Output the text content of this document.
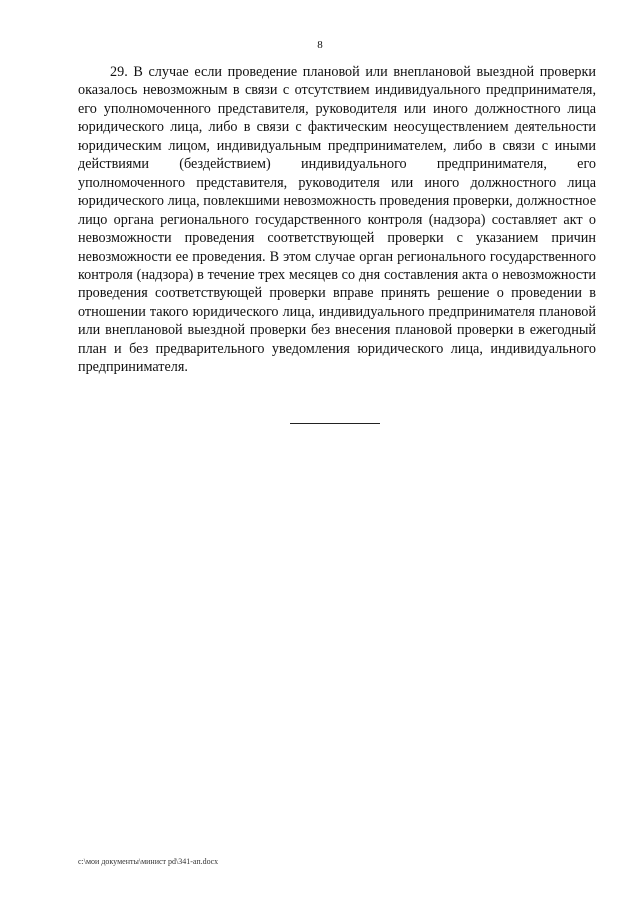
8

29. В случае если проведение плановой или внеплановой выездной проверки оказалось невозможным в связи с отсутствием индивидуального предпринимателя, его уполномоченного представителя, руководителя или иного должностного лица юридического лица, либо в связи с фактическим неосуществлением деятельности юридическим лицом, индивидуальным предпринимателем, либо в связи с иными действиями (бездействием) индивидуального предпринимателя, его уполномоченного представителя, руководителя или иного должностного лица юридического лица, повлекшими невозможность проведения проверки, должностное лицо органа регионального государственного контроля (надзора) составляет акт о невозможности проведения соответствующей проверки с указанием причин невозможности ее проведения. В этом случае орган регионального государственного контроля (надзора) в течение трех месяцев со дня составления акта о невозможности проведения соответствующей проверки вправе принять решение о проведении в отношении такого юридического лица, индивидуального предпринимателя плановой или внеплановой выездной проверки без внесения плановой проверки в ежегодный план и без предварительного уведомления юридического лица, индивидуального предпринимателя.

c:\мои документы\минист pd\341-ап.docx
